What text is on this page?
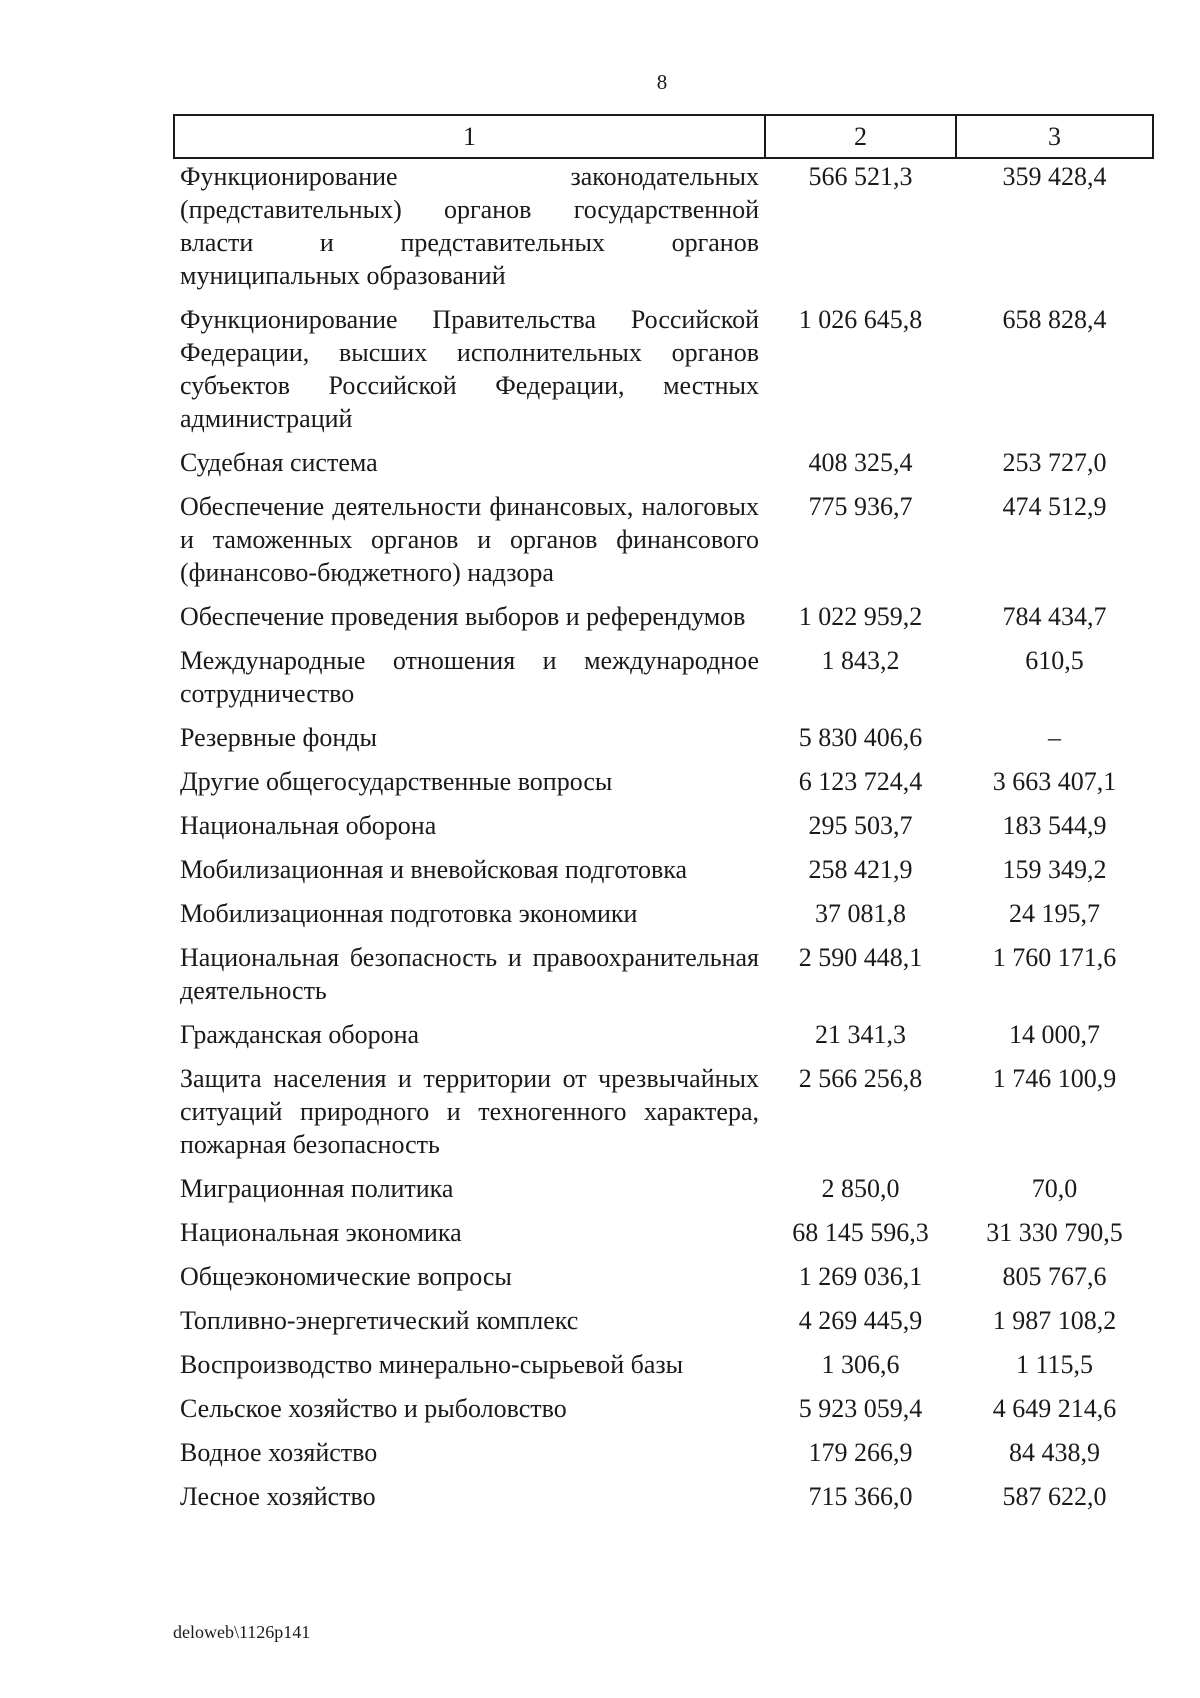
8
1	2	3
Функционирование законодательных (представительных) органов государственной власти и представительных органов муниципальных образований	566 521,3	359 428,4
Функционирование Правительства Российской Федерации, высших исполнительных органов субъектов Российской Федерации, местных администраций	1 026 645,8	658 828,4
Судебная система	408 325,4	253 727,0
Обеспечение деятельности финансовых, налоговых и таможенных органов и органов финансового (финансово-бюджетного) надзора	775 936,7	474 512,9
Обеспечение проведения выборов и референдумов	1 022 959,2	784 434,7
Международные отношения и международное сотрудничество	1 843,2	610,5
Резервные фонды	5 830 406,6	–
Другие общегосударственные вопросы	6 123 724,4	3 663 407,1
Национальная оборона	295 503,7	183 544,9
Мобилизационная и вневойсковая подготовка	258 421,9	159 349,2
Мобилизационная подготовка экономики	37 081,8	24 195,7
Национальная безопасность и правоохранительная деятельность	2 590 448,1	1 760 171,6
Гражданская оборона	21 341,3	14 000,7
Защита населения и территории от чрезвычайных ситуаций природного и техногенного характера, пожарная безопасность	2 566 256,8	1 746 100,9
Миграционная политика	2 850,0	70,0
Национальная экономика	68 145 596,3	31 330 790,5
Общеэкономические вопросы	1 269 036,1	805 767,6
Топливно-энергетический комплекс	4 269 445,9	1 987 108,2
Воспроизводство минерально-сырьевой базы	1 306,6	1 115,5
Сельское хозяйство и рыболовство	5 923 059,4	4 649 214,6
Водное хозяйство	179 266,9	84 438,9
Лесное хозяйство	715 366,0	587 622,0
deloweb\1126p141
